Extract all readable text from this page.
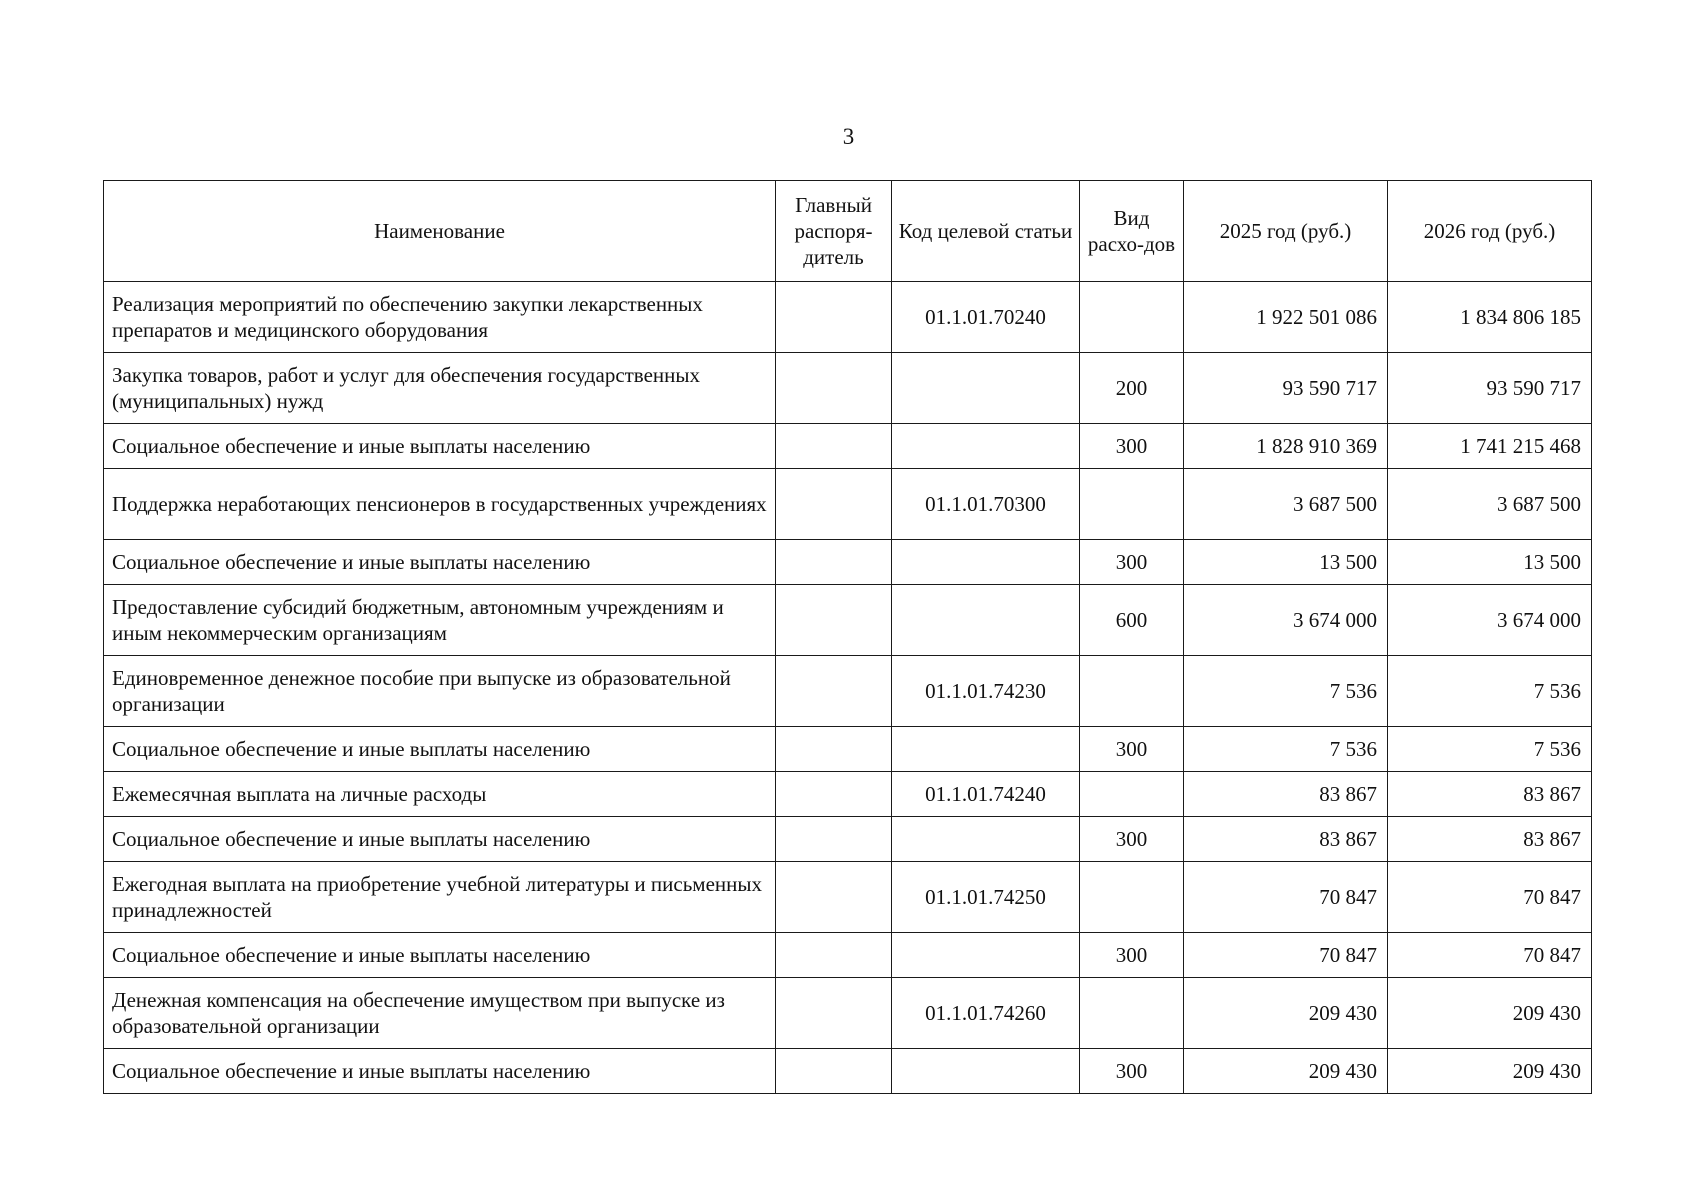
3
Наименование	Главный распоря-дитель	Код целевой статьи	Вид расхо-дов	2025 год (руб.)	2026 год (руб.)
Реализация мероприятий по обеспечению закупки лекарственных препаратов и медицинского оборудования		01.1.01.70240		1 922 501 086	1 834 806 185
Закупка товаров, работ и услуг для обеспечения государственных (муниципальных) нужд			200	93 590 717	93 590 717
Социальное обеспечение и иные выплаты населению			300	1 828 910 369	1 741 215 468
Поддержка неработающих пенсионеров в государственных учреждениях		01.1.01.70300		3 687 500	3 687 500
Социальное обеспечение и иные выплаты населению			300	13 500	13 500
Предоставление субсидий бюджетным, автономным учреждениям и иным некоммерческим организациям			600	3 674 000	3 674 000
Единовременное денежное пособие при выпуске из образовательной организации		01.1.01.74230		7 536	7 536
Социальное обеспечение и иные выплаты населению			300	7 536	7 536
Ежемесячная выплата на личные расходы		01.1.01.74240		83 867	83 867
Социальное обеспечение и иные выплаты населению			300	83 867	83 867
Ежегодная выплата на приобретение учебной литературы и письменных принадлежностей		01.1.01.74250		70 847	70 847
Социальное обеспечение и иные выплаты населению			300	70 847	70 847
Денежная компенсация на обеспечение имуществом при выпуске из образовательной организации		01.1.01.74260		209 430	209 430
Социальное обеспечение и иные выплаты населению			300	209 430	209 430
